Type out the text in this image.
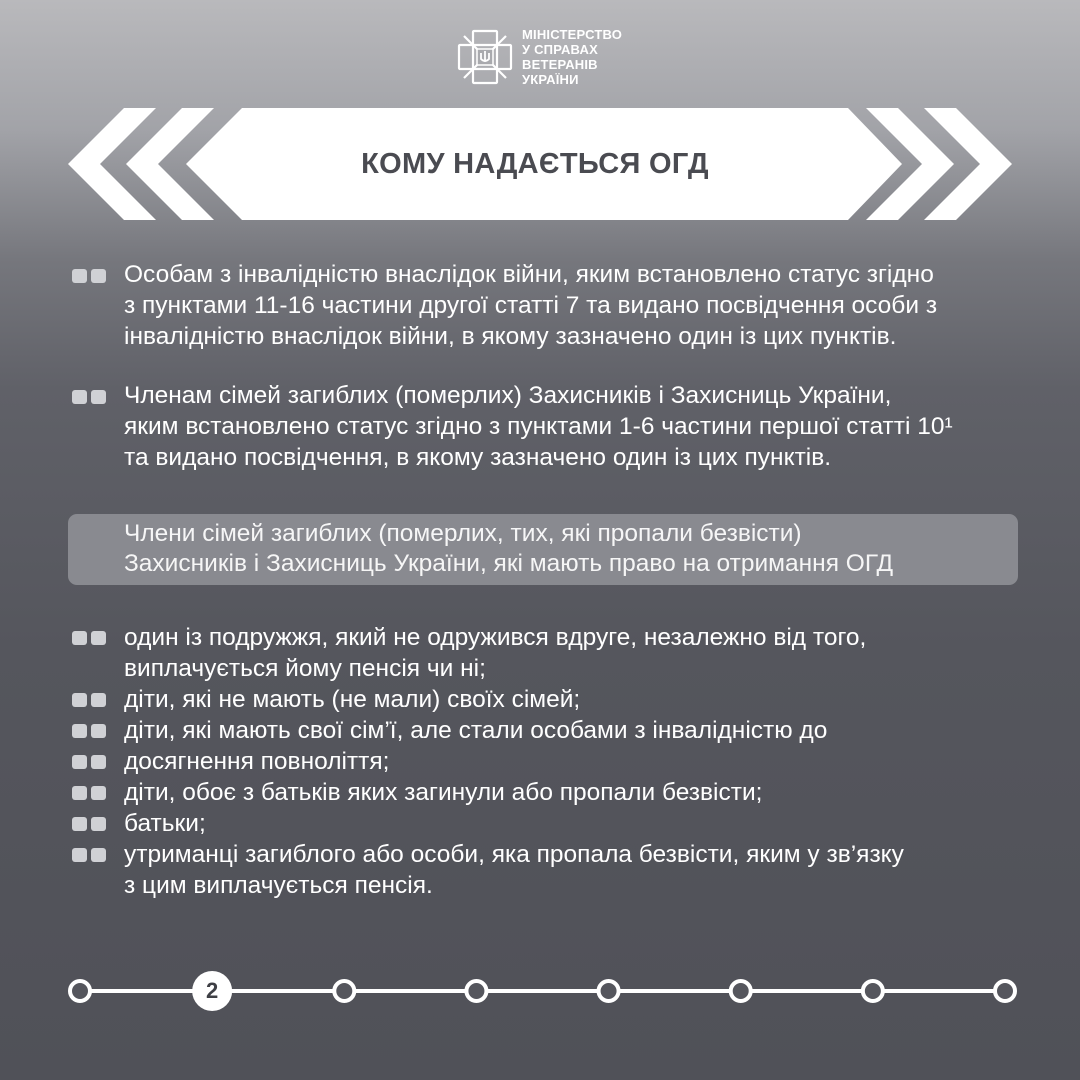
МІНІСТЕРСТВО
У СПРАВАХ
ВЕТЕРАНІВ
УКРАЇНИ
КОМУ НАДАЄТЬСЯ ОГД
Особам з інвалідністю внаслідок війни, яким встановлено статус згідно
з пунктами 11-16 частини другої статті 7 та видано посвідчення особи з
інвалідністю внаслідок війни, в якому зазначено один із цих пунктів.
Членам сімей загиблих (померлих) Захисників і Захисниць України,
яким встановлено статус згідно з пунктами 1-6 частини першої статті 10¹
та видано посвідчення, в якому зазначено один із цих пунктів.
Члени сімей загиблих (померлих, тих, які пропали безвісти)
Захисників і Захисниць України, які мають право на отримання ОГД
один із подружжя, який не одружився вдруге, незалежно від того,
виплачується йому пенсія чи ні;
діти, які не мають (не мали) своїх сімей;
діти, які мають свої сім’ї, але стали особами з інвалідністю до
досягнення повноліття;
діти, обоє з батьків яких загинули або пропали безвісти;
батьки;
утриманці загиблого або особи, яка пропала безвісти, яким у зв’язку
з цим виплачується пенсія.
2
